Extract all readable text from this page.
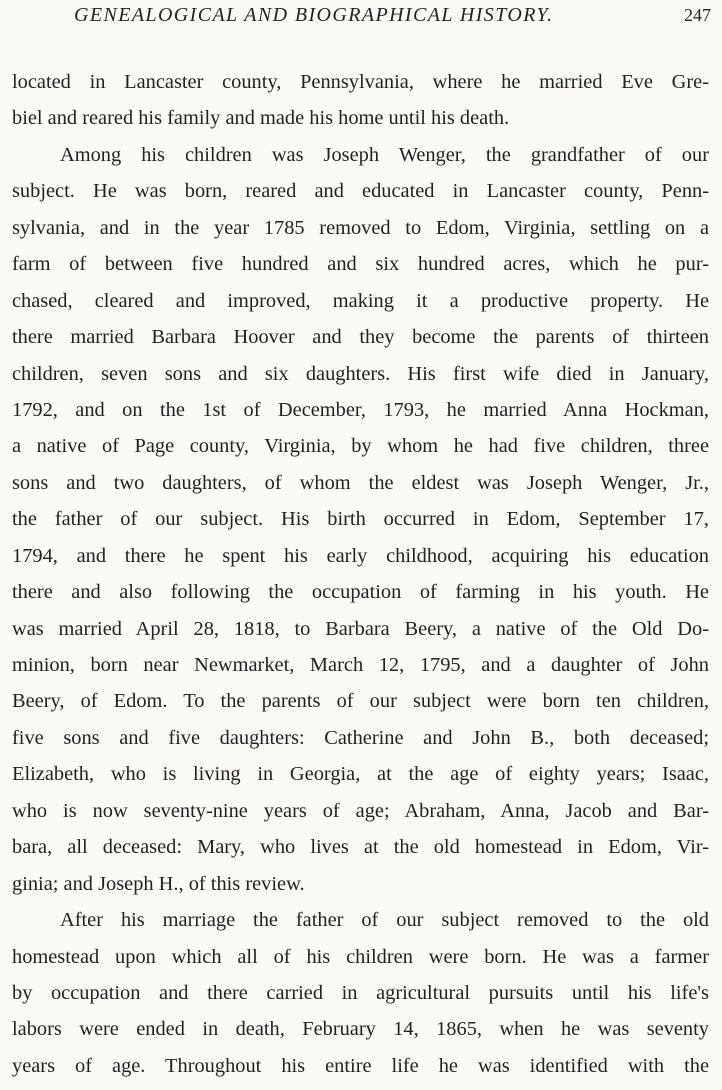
GENEALOGICAL AND BIOGRAPHICAL HISTORY.	247
located in Lancaster county, Pennsylvania, where he married Eve Gre-
biel and reared his family and made his home until his death.
Among his children was Joseph Wenger, the grandfather of our
subject. He was born, reared and educated in Lancaster county, Penn-
sylvania, and in the year 1785 removed to Edom, Virginia, settling on a
farm of between five hundred and six hundred acres, which he pur-
chased, cleared and improved, making it a productive property. He
there married Barbara Hoover and they become the parents of thirteen
children, seven sons and six daughters. His first wife died in January,
1792, and on the 1st of December, 1793, he married Anna Hockman,
a native of Page county, Virginia, by whom he had five children, three
sons and two daughters, of whom the eldest was Joseph Wenger, Jr.,
the father of our subject. His birth occurred in Edom, September 17,
1794, and there he spent his early childhood, acquiring his education
there and also following the occupation of farming in his youth. He
was married April 28, 1818, to Barbara Beery, a native of the Old Do-
minion, born near Newmarket, March 12, 1795, and a daughter of John
Beery, of Edom. To the parents of our subject were born ten children,
five sons and five daughters: Catherine and John B., both deceased;
Elizabeth, who is living in Georgia, at the age of eighty years; Isaac,
who is now seventy-nine years of age; Abraham, Anna, Jacob and Bar-
bara, all deceased: Mary, who lives at the old homestead in Edom, Vir-
ginia; and Joseph H., of this review.
After his marriage the father of our subject removed to the old
homestead upon which all of his children were born. He was a farmer
by occupation and there carried in agricultural pursuits until his life's
labors were ended in death, February 14, 1865, when he was seventy
years of age. Throughout his entire life he was identified with the
